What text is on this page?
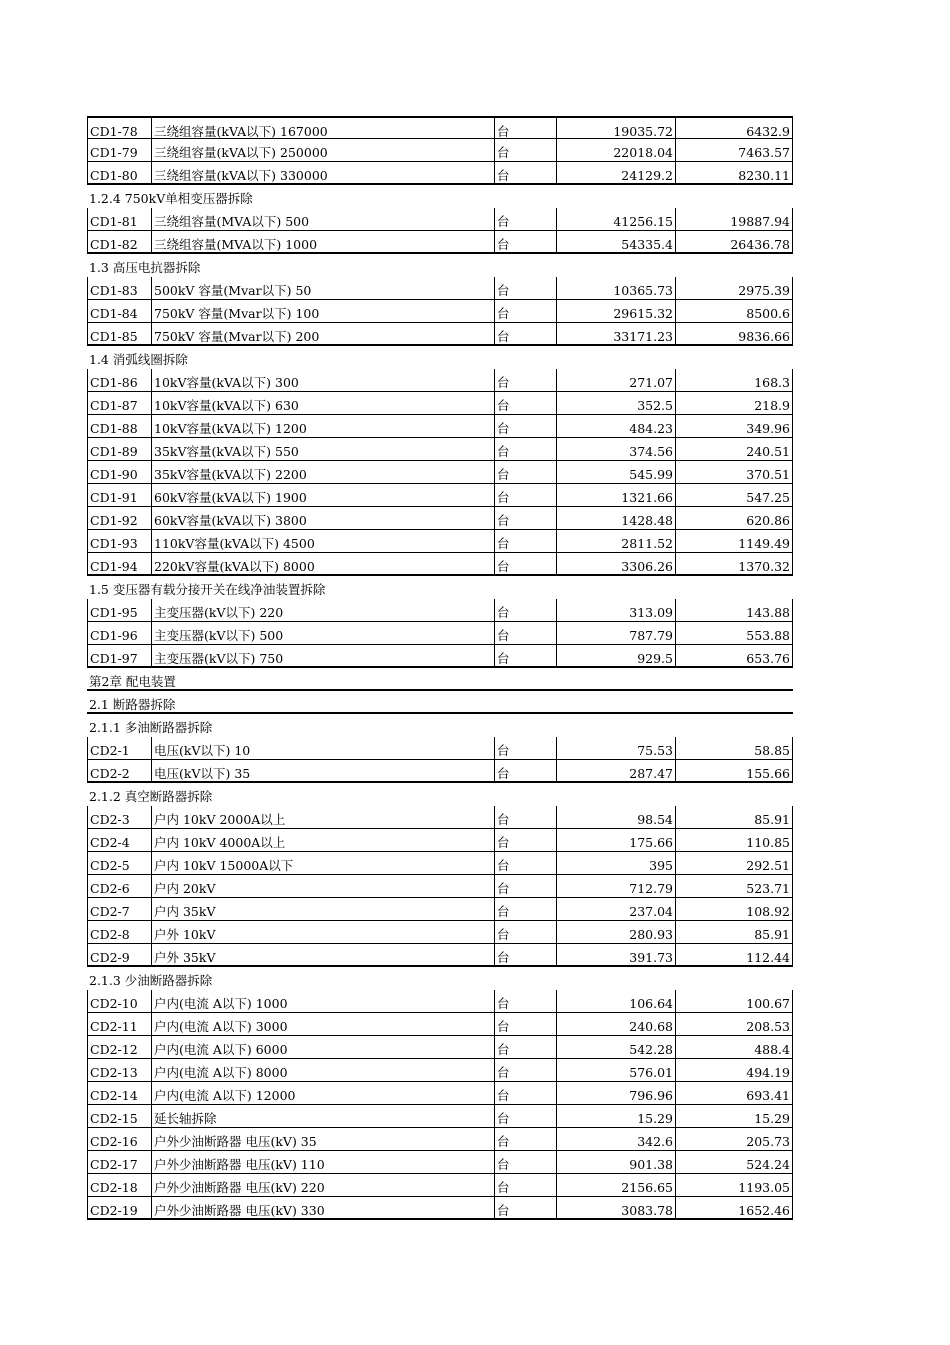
CD1-78	三绕组容量(kVA以下) 167000	台	19035.72	6432.9
CD1-79	三绕组容量(kVA以下) 250000	台	22018.04	7463.57
CD1-80	三绕组容量(kVA以下) 330000	台	24129.2	8230.11
1.2.4 750kV单相变压器拆除
CD1-81	三绕组容量(MVA以下) 500	台	41256.15	19887.94
CD1-82	三绕组容量(MVA以下) 1000	台	54335.4	26436.78
1.3 高压电抗器拆除
CD1-83	500kV 容量(Mvar以下) 50	台	10365.73	2975.39
CD1-84	750kV 容量(Mvar以下) 100	台	29615.32	8500.6
CD1-85	750kV 容量(Mvar以下) 200	台	33171.23	9836.66
1.4 消弧线圈拆除
CD1-86	10kV容量(kVA以下) 300	台	271.07	168.3
CD1-87	10kV容量(kVA以下) 630	台	352.5	218.9
CD1-88	10kV容量(kVA以下) 1200	台	484.23	349.96
CD1-89	35kV容量(kVA以下) 550	台	374.56	240.51
CD1-90	35kV容量(kVA以下) 2200	台	545.99	370.51
CD1-91	60kV容量(kVA以下) 1900	台	1321.66	547.25
CD1-92	60kV容量(kVA以下) 3800	台	1428.48	620.86
CD1-93	110kV容量(kVA以下) 4500	台	2811.52	1149.49
CD1-94	220kV容量(kVA以下) 8000	台	3306.26	1370.32
1.5 变压器有载分接开关在线净油装置拆除
CD1-95	主变压器(kV以下) 220	台	313.09	143.88
CD1-96	主变压器(kV以下) 500	台	787.79	553.88
CD1-97	主变压器(kV以下) 750	台	929.5	653.76
第2章 配电装置
2.1 断路器拆除
2.1.1 多油断路器拆除
CD2-1	电压(kV以下) 10	台	75.53	58.85
CD2-2	电压(kV以下) 35	台	287.47	155.66
2.1.2 真空断路器拆除
CD2-3	户内 10kV 2000A以上	台	98.54	85.91
CD2-4	户内 10kV 4000A以上	台	175.66	110.85
CD2-5	户内 10kV 15000A以下	台	395	292.51
CD2-6	户内 20kV	台	712.79	523.71
CD2-7	户内 35kV	台	237.04	108.92
CD2-8	户外 10kV	台	280.93	85.91
CD2-9	户外 35kV	台	391.73	112.44
2.1.3 少油断路器拆除
CD2-10	户内(电流 A以下) 1000	台	106.64	100.67
CD2-11	户内(电流 A以下) 3000	台	240.68	208.53
CD2-12	户内(电流 A以下) 6000	台	542.28	488.4
CD2-13	户内(电流 A以下) 8000	台	576.01	494.19
CD2-14	户内(电流 A以下) 12000	台	796.96	693.41
CD2-15	延长轴拆除	台	15.29	15.29
CD2-16	户外少油断路器 电压(kV) 35	台	342.6	205.73
CD2-17	户外少油断路器 电压(kV) 110	台	901.38	524.24
CD2-18	户外少油断路器 电压(kV) 220	台	2156.65	1193.05
CD2-19	户外少油断路器 电压(kV) 330	台	3083.78	1652.46
